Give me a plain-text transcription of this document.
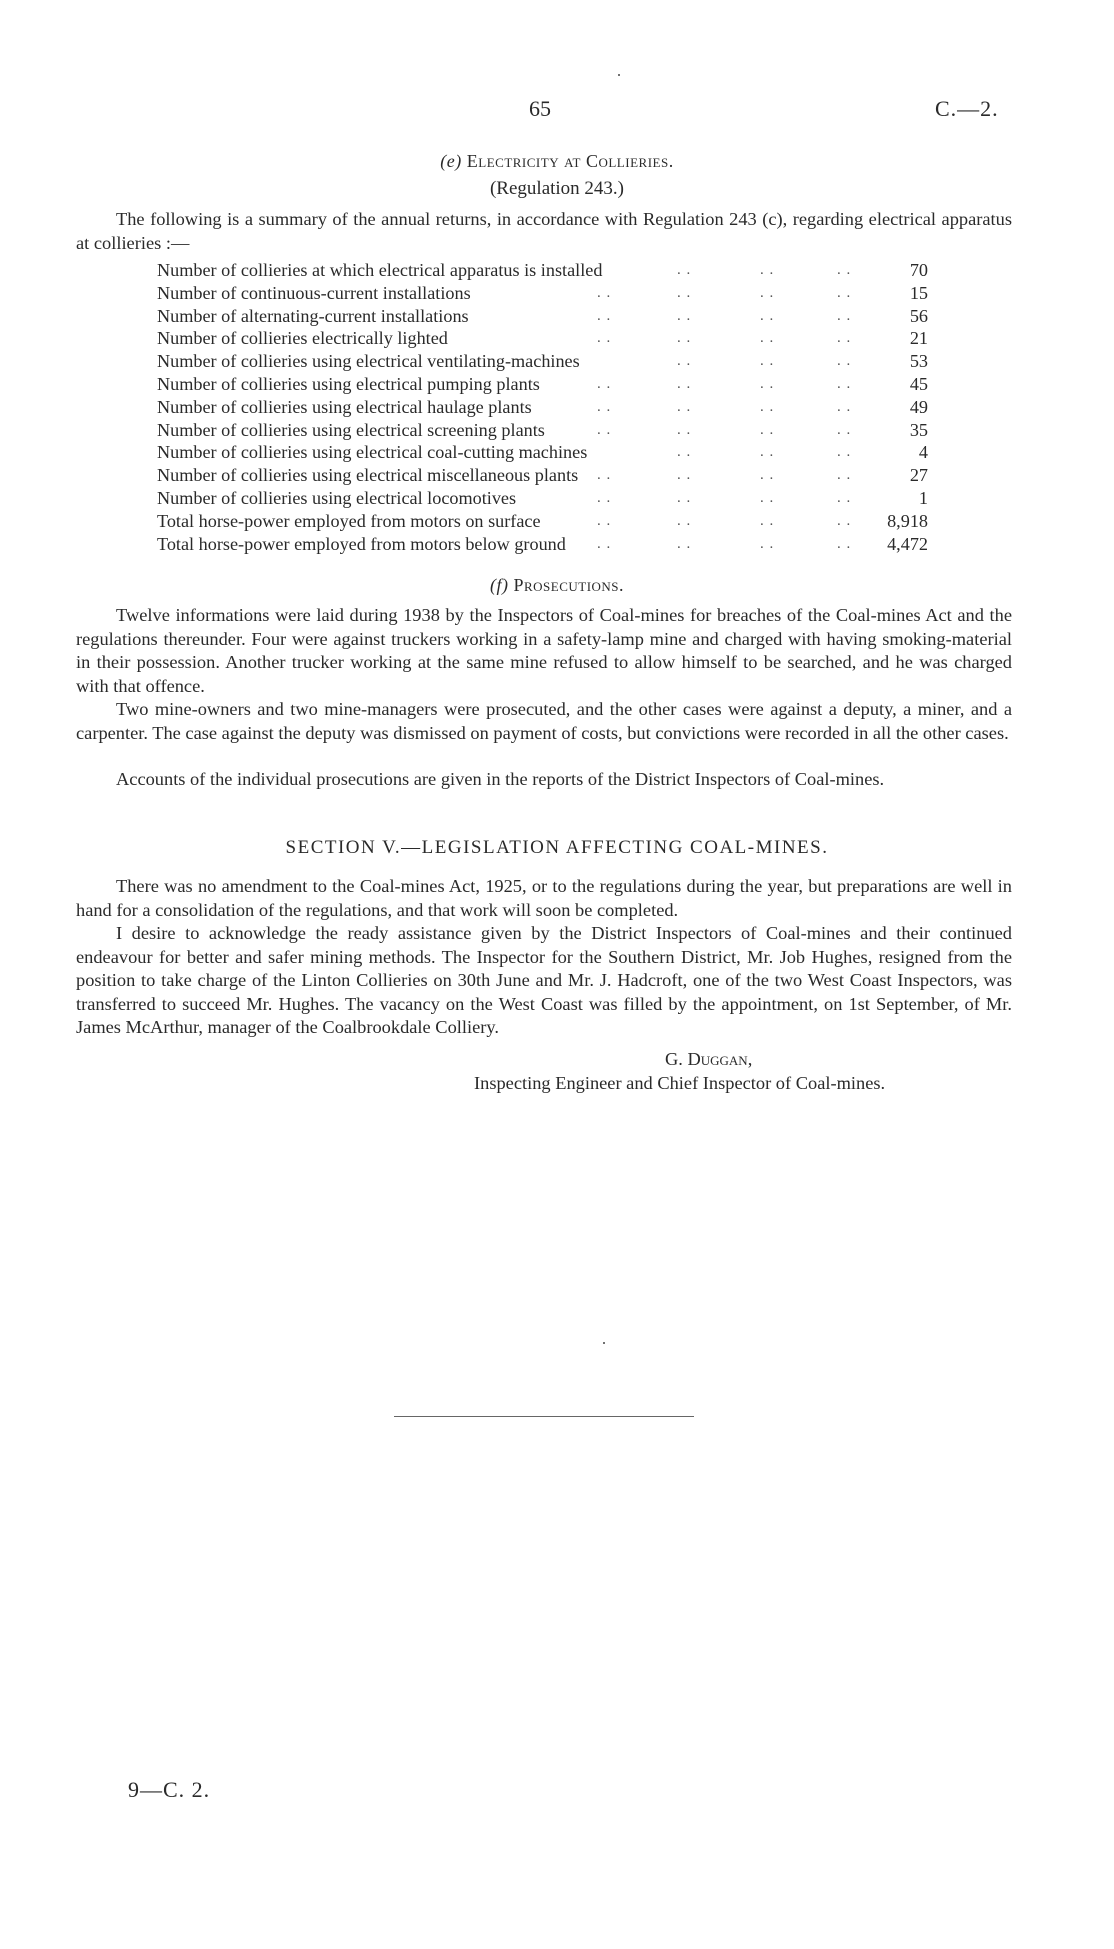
65	C.—2.
(e) Electricity at Collieries.
(Regulation 243.)

The following is a summary of the annual returns, in accordance with Regulation 243 (c), regarding electrical apparatus at collieries :—

Number of collieries at which electrical apparatus is installed	70
. .	. .	. .
Number of continuous-current installations	15
. .	. .	. .	. .
Number of alternating-current installations	56
. .	. .	. .	. .
Number of collieries electrically lighted	21
. .	. .	. .	. .
Number of collieries using electrical ventilating-machines	53
. .	. .	. .
Number of collieries using electrical pumping plants	45
. .	. .	. .	. .
Number of collieries using electrical haulage plants	49
. .	. .	. .	. .
Number of collieries using electrical screening plants	35
. .	. .	. .	. .
Number of collieries using electrical coal-cutting machines	4
. .	. .	. .
Number of collieries using electrical miscellaneous plants	27
. .	. .	. .	. .
Number of collieries using electrical locomotives	1
. .	. .	. .	. .
Total horse-power employed from motors on surface	8,918
. .	. .	. .	. .
Total horse-power employed from motors below ground	4,472
. .	. .	. .	. .
(f) Prosecutions.

Twelve informations were laid during 1938 by the Inspectors of Coal-mines for breaches of the Coal-mines Act and the regulations thereunder. Four were against truckers working in a safety-lamp mine and charged with having smoking-material in their possession. Another trucker working at the same mine refused to allow himself to be searched, and he was charged with that offence.

Two mine-owners and two mine-managers were prosecuted, and the other cases were against a deputy, a miner, and a carpenter. The case against the deputy was dismissed on payment of costs, but convictions were recorded in all the other cases.

Accounts of the individual prosecutions are given in the reports of the District Inspectors of Coal-mines.

SECTION V.—LEGISLATION AFFECTING COAL-MINES.

There was no amendment to the Coal-mines Act, 1925, or to the regulations during the year, but preparations are well in hand for a consolidation of the regulations, and that work will soon be completed.

I desire to acknowledge the ready assistance given by the District Inspectors of Coal-mines and their continued endeavour for better and safer mining methods. The Inspector for the Southern District, Mr. Job Hughes, resigned from the position to take charge of the Linton Collieries on 30th June and Mr. J. Hadcroft, one of the two West Coast Inspectors, was transferred to succeed Mr. Hughes. The vacancy on the West Coast was filled by the appointment, on 1st September, of Mr. James McArthur, manager of the Coalbrookdale Colliery.

G. Duggan,
Inspecting Engineer and Chief Inspector of Coal-mines.
9—C. 2.
